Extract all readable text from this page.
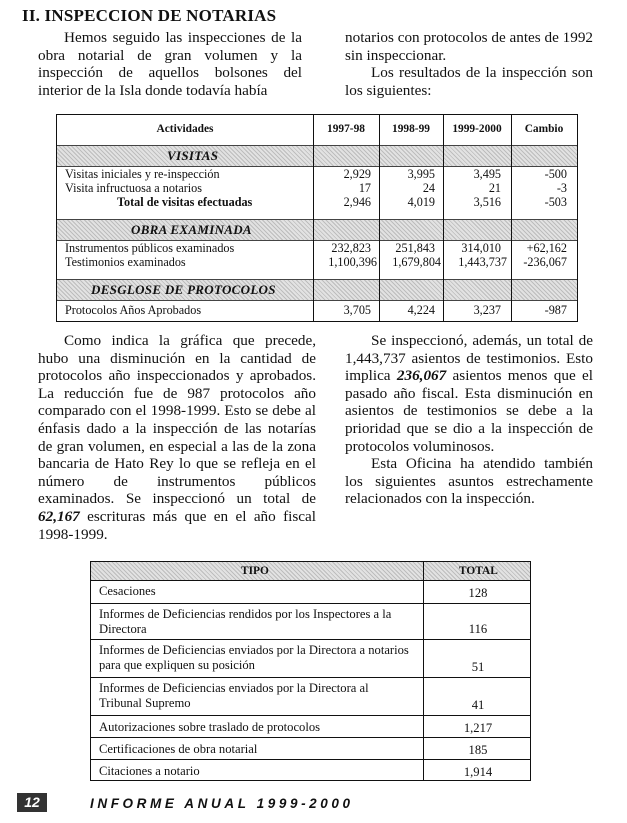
II. INSPECCION DE NOTARIAS

Hemos seguido las inspecciones de la obra notarial de gran volumen y la inspección de aquellos bolsones del interior de la Isla donde todavía había

notarios con protocolos de antes de 1992 sin inspeccionar.

Los resultados de la inspección son los siguientes:

Actividades	1997-98	1998-99	1999-2000	Cambio
VISITAS
Visitas iniciales y re-inspección	2,929	3,995	3,495	-500
Visita infructuosa a notarios	17	24	21	-3
Total de visitas efectuadas	2,946	4,019	3,516	-503
OBRA EXAMINADA
Instrumentos públicos examinados	232,823 251,843 314,010 +62,162
Testimonios examinados	1,100,396 1,679,804 1,443,737 -236,067
DESGLOSE DE PROTOCOLOS
Protocolos Años Aprobados	3,705	4,224	3,237	-987

Como indica la gráfica que precede, hubo una disminución en la cantidad de protocolos año inspeccionados y aprobados. La reducción fue de 987 protocolos año comparado con el 1998-1999. Esto se debe al énfasis dado a la inspección de las notarías de gran volumen, en especial a las de la zona bancaria de Hato Rey lo que se refleja en el número de instrumentos públicos examinados. Se inspeccionó un total de 62,167 escrituras más que en el año fiscal 1998-1999.

Se inspeccionó, además, un total de 1,443,737 asientos de testimonios. Esto implica 236,067 asientos menos que el pasado año fiscal. Esta disminución en asientos de testimonios se debe a la prioridad que se dio a la inspección de protocolos voluminosos.

Esta Oficina ha atendido también los siguientes asuntos estrechamente relacionados con la inspección.

TIPO	TOTAL
Cesaciones	128
Informes de Deficiencias rendidos por los Inspectores a la Directora	116
Informes de Deficiencias enviados por la Directora a notarios para que expliquen su posición	51
Informes de Deficiencias enviados por la Directora al Tribunal Supremo	41
Autorizaciones sobre traslado de protocolos	1,217
Certificaciones de obra notarial	185
Citaciones a notario	1,914
12	INFORME ANUAL 1999-2000
